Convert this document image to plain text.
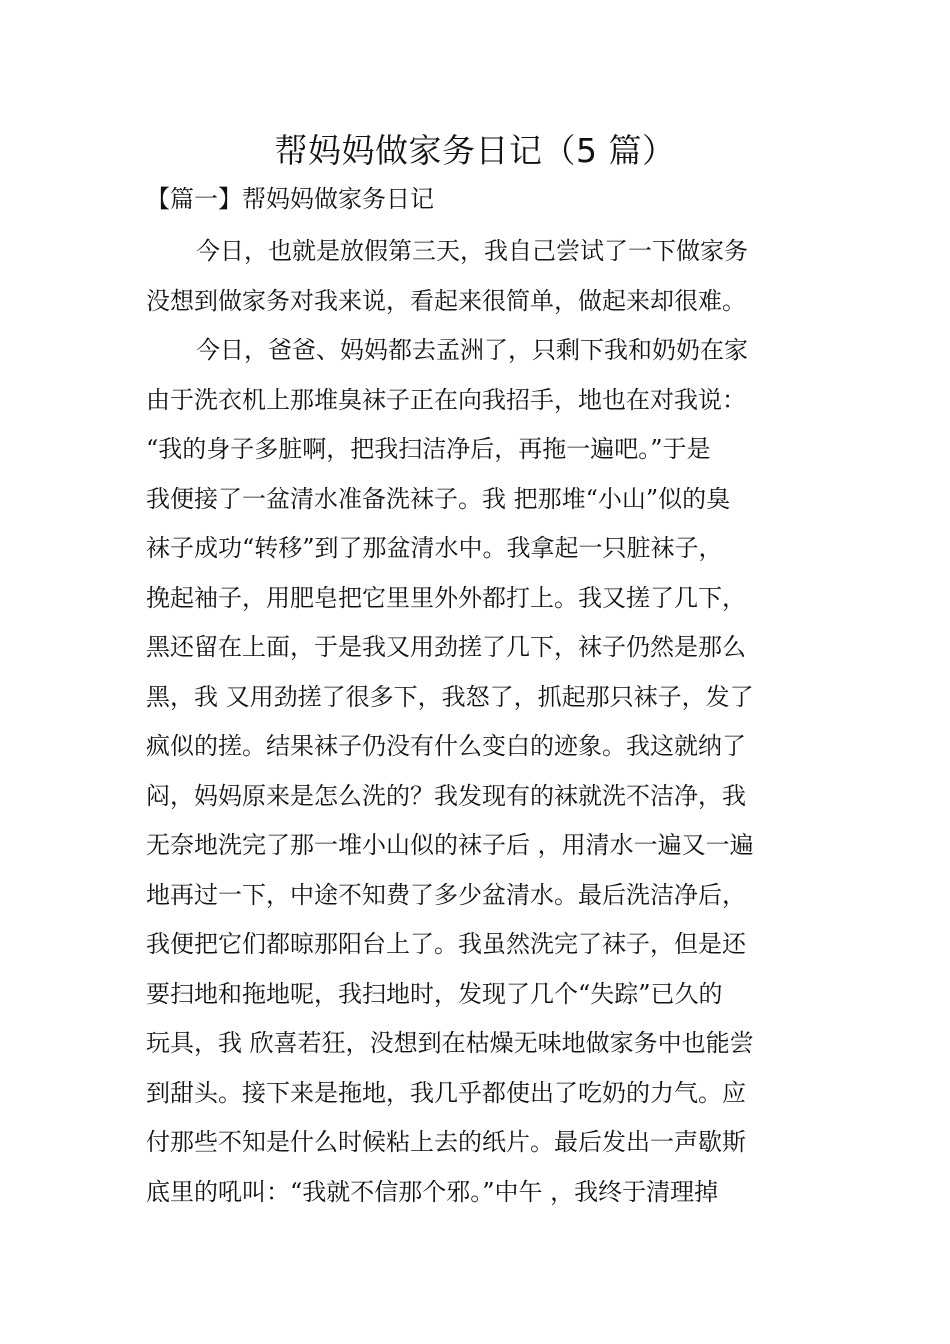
帮妈妈做家务日记（5 篇）
【篇一】帮妈妈做家务日记
今日，也就是放假第三天，我自己尝试了一下做家务
没想到做家务对我来说，看起来很简单，做起来却很难。
今日，爸爸、妈妈都去孟洲了，只剩下我和奶奶在家
由于洗衣机上那堆臭袜子正在向我招手，地也在对我说：
“我的身子多脏啊，把我扫洁净后，再拖一遍吧。”于是
我便接了一盆清水准备洗袜子。我 把那堆“小山”似的臭
袜子成功“转移”到了那盆清水中。我拿起一只脏袜子，
挽起袖子，用肥皂把它里里外外都打上。我又搓了几下，
黑还留在上面，于是我又用劲搓了几下，袜子仍然是那么
黑，我 又用劲搓了很多下，我怒了，抓起那只袜子，发了
疯似的搓。结果袜子仍没有什么变白的迹象。我这就纳了
闷，妈妈原来是怎么洗的？我发现有的袜就洗不洁净，我
无奈地洗完了那一堆小山似的袜子后 ，用清水一遍又一遍
地再过一下，中途不知费了多少盆清水。最后洗洁净后，
我便把它们都晾那阳台上了。我虽然洗完了袜子，但是还
要扫地和拖地呢，我扫地时，发现了几个“失踪”已久的
玩具，我 欣喜若狂，没想到在枯燥无味地做家务中也能尝
到甜头。接下来是拖地，我几乎都使出了吃奶的力气。应
付那些不知是什么时候粘上去的纸片。最后发出一声歇斯
底里的吼叫：“我就不信那个邪。”中午 ，我终于清理掉
